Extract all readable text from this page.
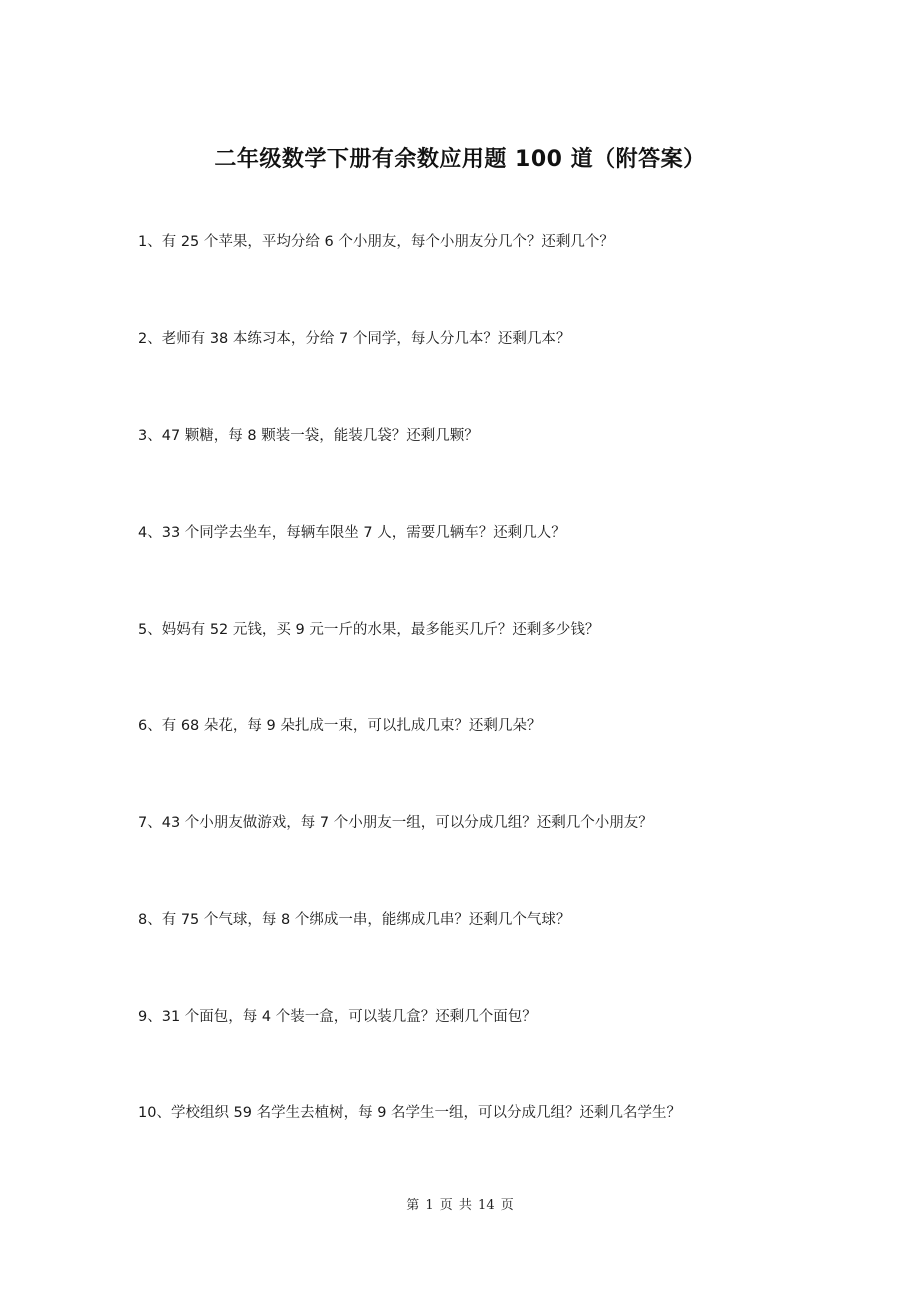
二年级数学下册有余数应用题 100 道（附答案）
1、有 25 个苹果，平均分给 6 个小朋友，每个小朋友分几个？还剩几个？
2、老师有 38 本练习本，分给 7 个同学，每人分几本？还剩几本？
3、47 颗糖，每 8 颗装一袋，能装几袋？还剩几颗？
4、33 个同学去坐车，每辆车限坐 7 人，需要几辆车？还剩几人？
5、妈妈有 52 元钱，买 9 元一斤的水果，最多能买几斤？还剩多少钱？
6、有 68 朵花，每 9 朵扎成一束，可以扎成几束？还剩几朵？
7、43 个小朋友做游戏，每 7 个小朋友一组，可以分成几组？还剩几个小朋友？
8、有 75 个气球，每 8 个绑成一串，能绑成几串？还剩几个气球？
9、31 个面包，每 4 个装一盒，可以装几盒？还剩几个面包？
10、学校组织 59 名学生去植树，每 9 名学生一组，可以分成几组？还剩几名学生？
第 1 页 共 14 页
